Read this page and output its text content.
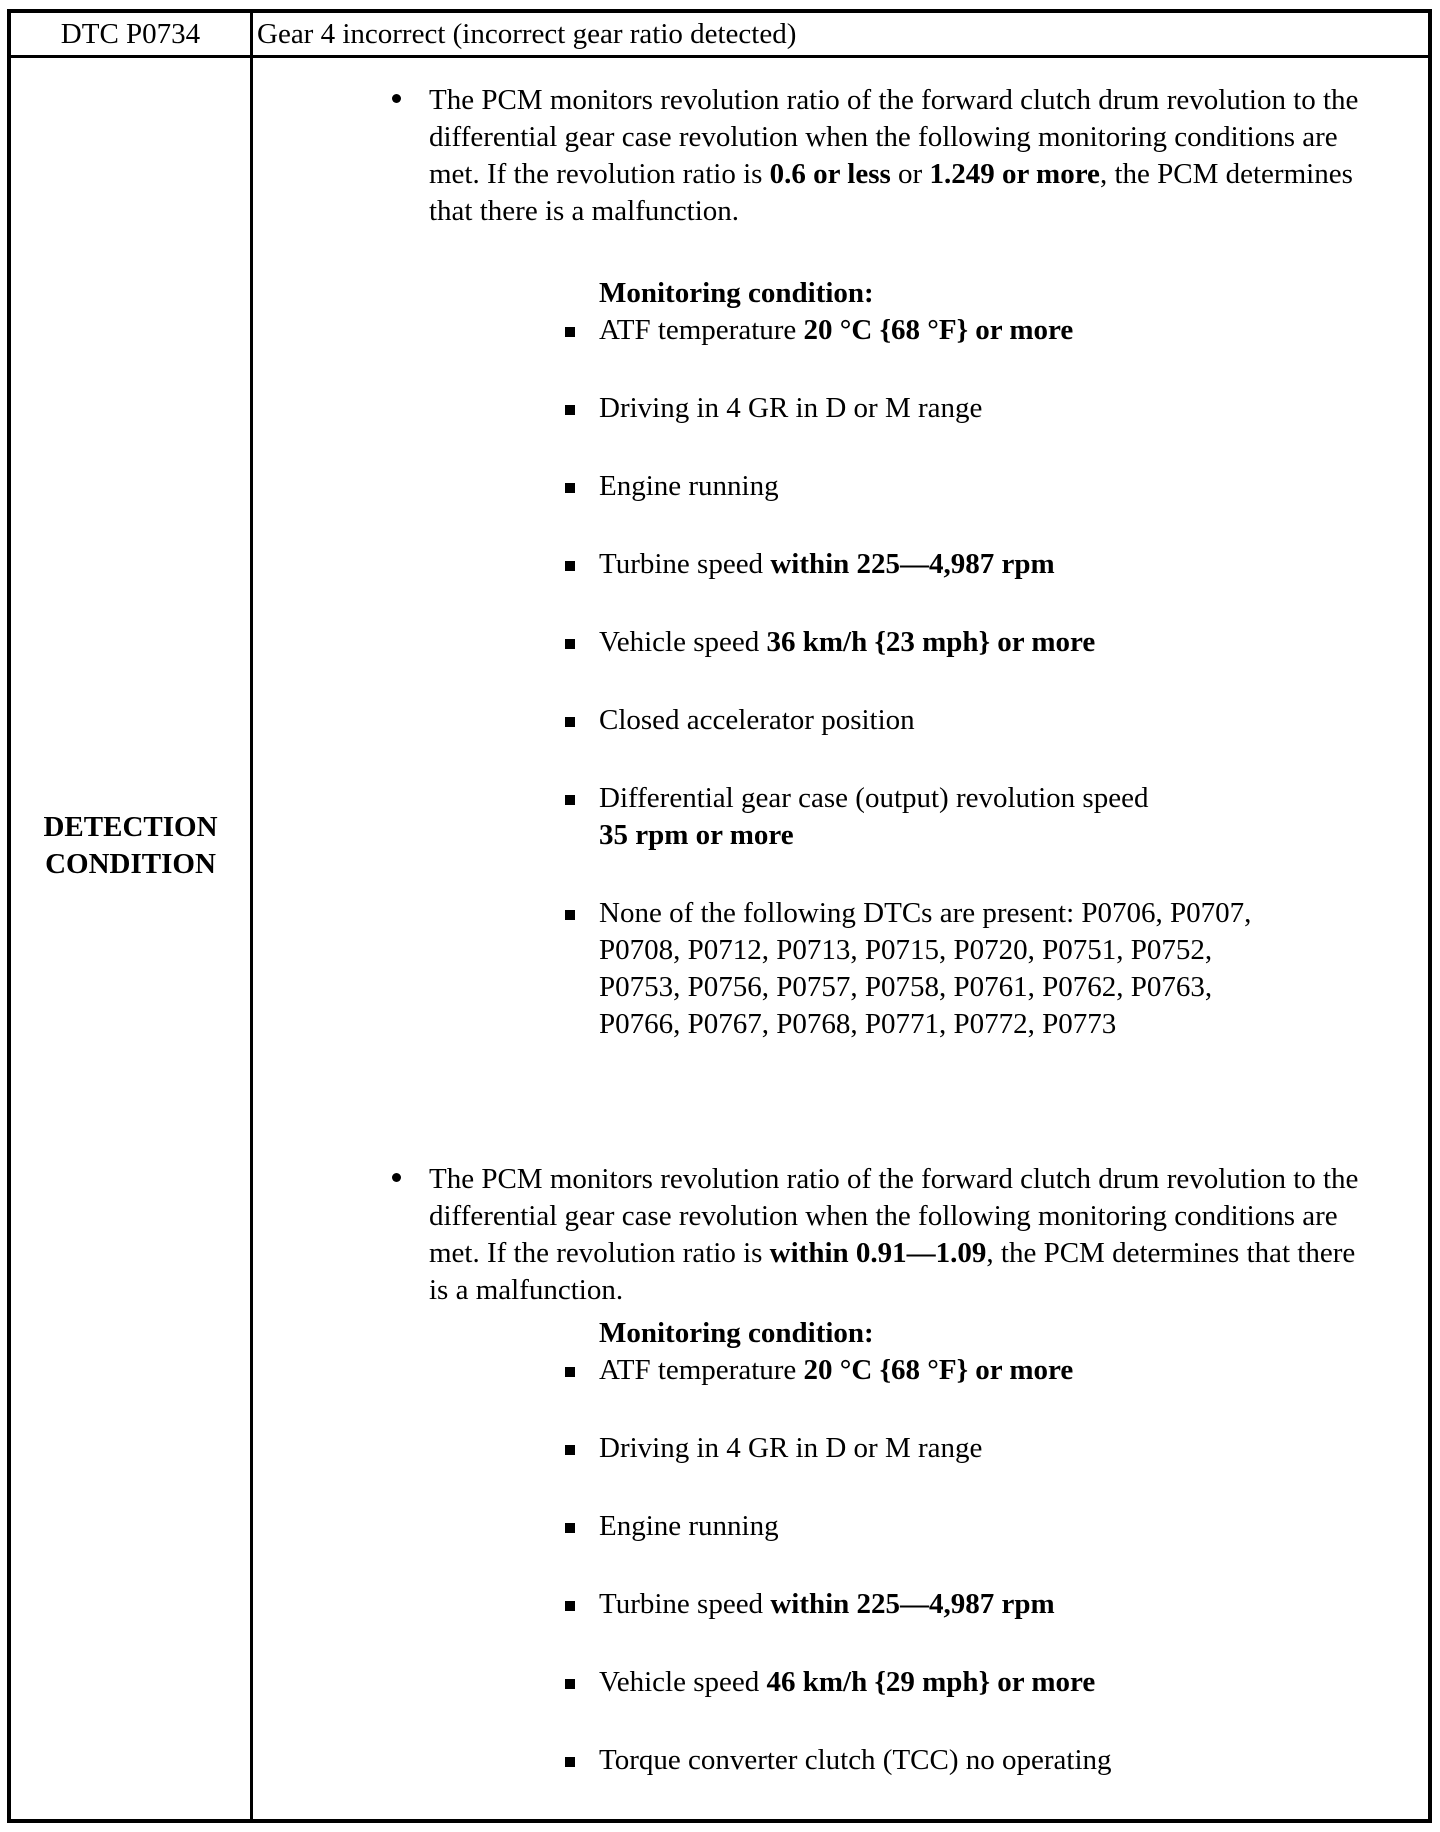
DTC P0734	Gear 4 incorrect (incorrect gear ratio detected)
DETECTION
CONDITION
The PCM monitors revolution ratio of the forward clutch drum revolution to the differential gear case revolution when the following monitoring conditions are met. If the revolution ratio is 0.6 or less or 1.249 or more, the PCM determines that there is a malfunction.
Monitoring condition:
ATF temperature 20 °C {68 °F} or more
Driving in 4 GR in D or M range
Engine running
Turbine speed within 225—4,987 rpm
Vehicle speed 36 km/h {23 mph} or more
Closed accelerator position
Differential gear case (output) revolution speed
35 rpm or more
None of the following DTCs are present: P0706, P0707, P0708, P0712, P0713, P0715, P0720, P0751, P0752, P0753, P0756, P0757, P0758, P0761, P0762, P0763, P0766, P0767, P0768, P0771, P0772, P0773
The PCM monitors revolution ratio of the forward clutch drum revolution to the differential gear case revolution when the following monitoring conditions are met. If the revolution ratio is within 0.91—1.09, the PCM determines that there is a malfunction.
Monitoring condition:
ATF temperature 20 °C {68 °F} or more
Driving in 4 GR in D or M range
Engine running
Turbine speed within 225—4,987 rpm
Vehicle speed 46 km/h {29 mph} or more
Torque converter clutch (TCC) no operating
